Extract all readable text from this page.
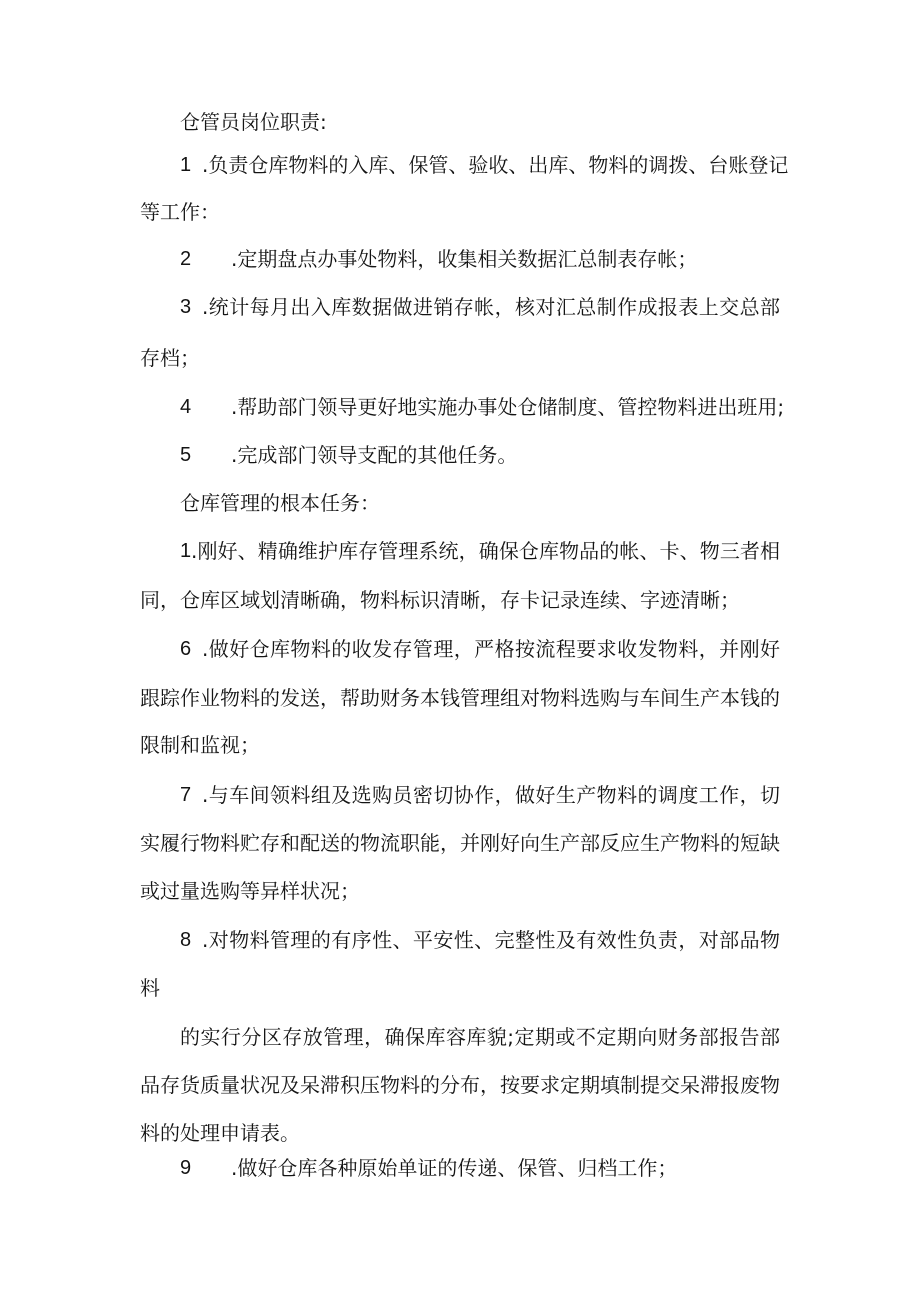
仓管员岗位职责:
1 .负责仓库物料的入库、保管、验收、出库、物料的调拨、台账登记
等工作：
2	.定期盘点办事处物料，收集相关数据汇总制表存帐；
3 .统计每月出入库数据做进销存帐，核对汇总制作成报表上交总部
存档；
4	.帮助部门领导更好地实施办事处仓储制度、管控物料进出班用;
5	.完成部门领导支配的其他任务。
仓库管理的根本任务：
1 .刚好、精确维护库存管理系统，确保仓库物品的帐、卡、物三者相
同，仓库区域划清晰确，物料标识清晰，存卡记录连续、字迹清晰；
6 .做好仓库物料的收发存管理，严格按流程要求收发物料，并刚好
跟踪作业物料的发送，帮助财务本钱管理组对物料选购与车间生产本钱的
限制和监视；
7 .与车间领料组及选购员密切协作，做好生产物料的调度工作，切
实履行物料贮存和配送的物流职能，并刚好向生产部反应生产物料的短缺
或过量选购等异样状况；
8 .对物料管理的有序性、平安性、完整性及有效性负责，对部品物
料
的实行分区存放管理，确保库容库貌;定期或不定期向财务部报告部
品存货质量状况及呆滞积压物料的分布，按要求定期填制提交呆滞报废物
料的处理申请表。
9	.做好仓库各种原始单证的传递、保管、归档工作；
